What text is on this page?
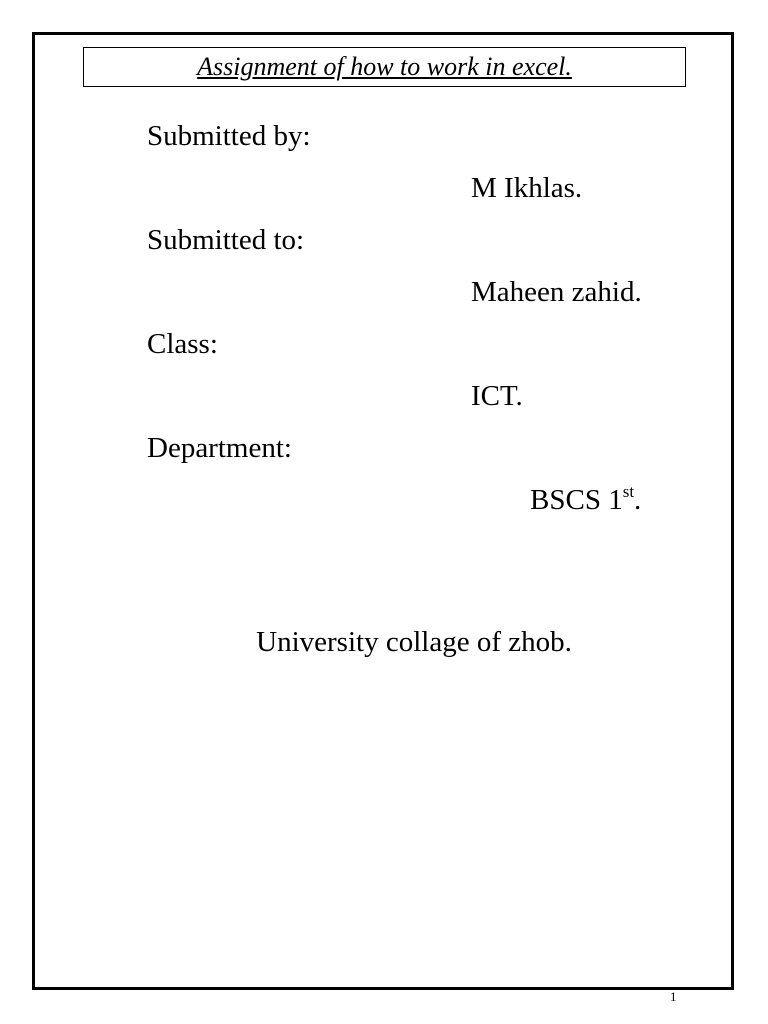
Assignment of how to work in excel.
Submitted by:
M Ikhlas.
Submitted to:
Maheen zahid.
Class:
ICT.
Department:
BSCS 1st.
University collage of zhob.
1
